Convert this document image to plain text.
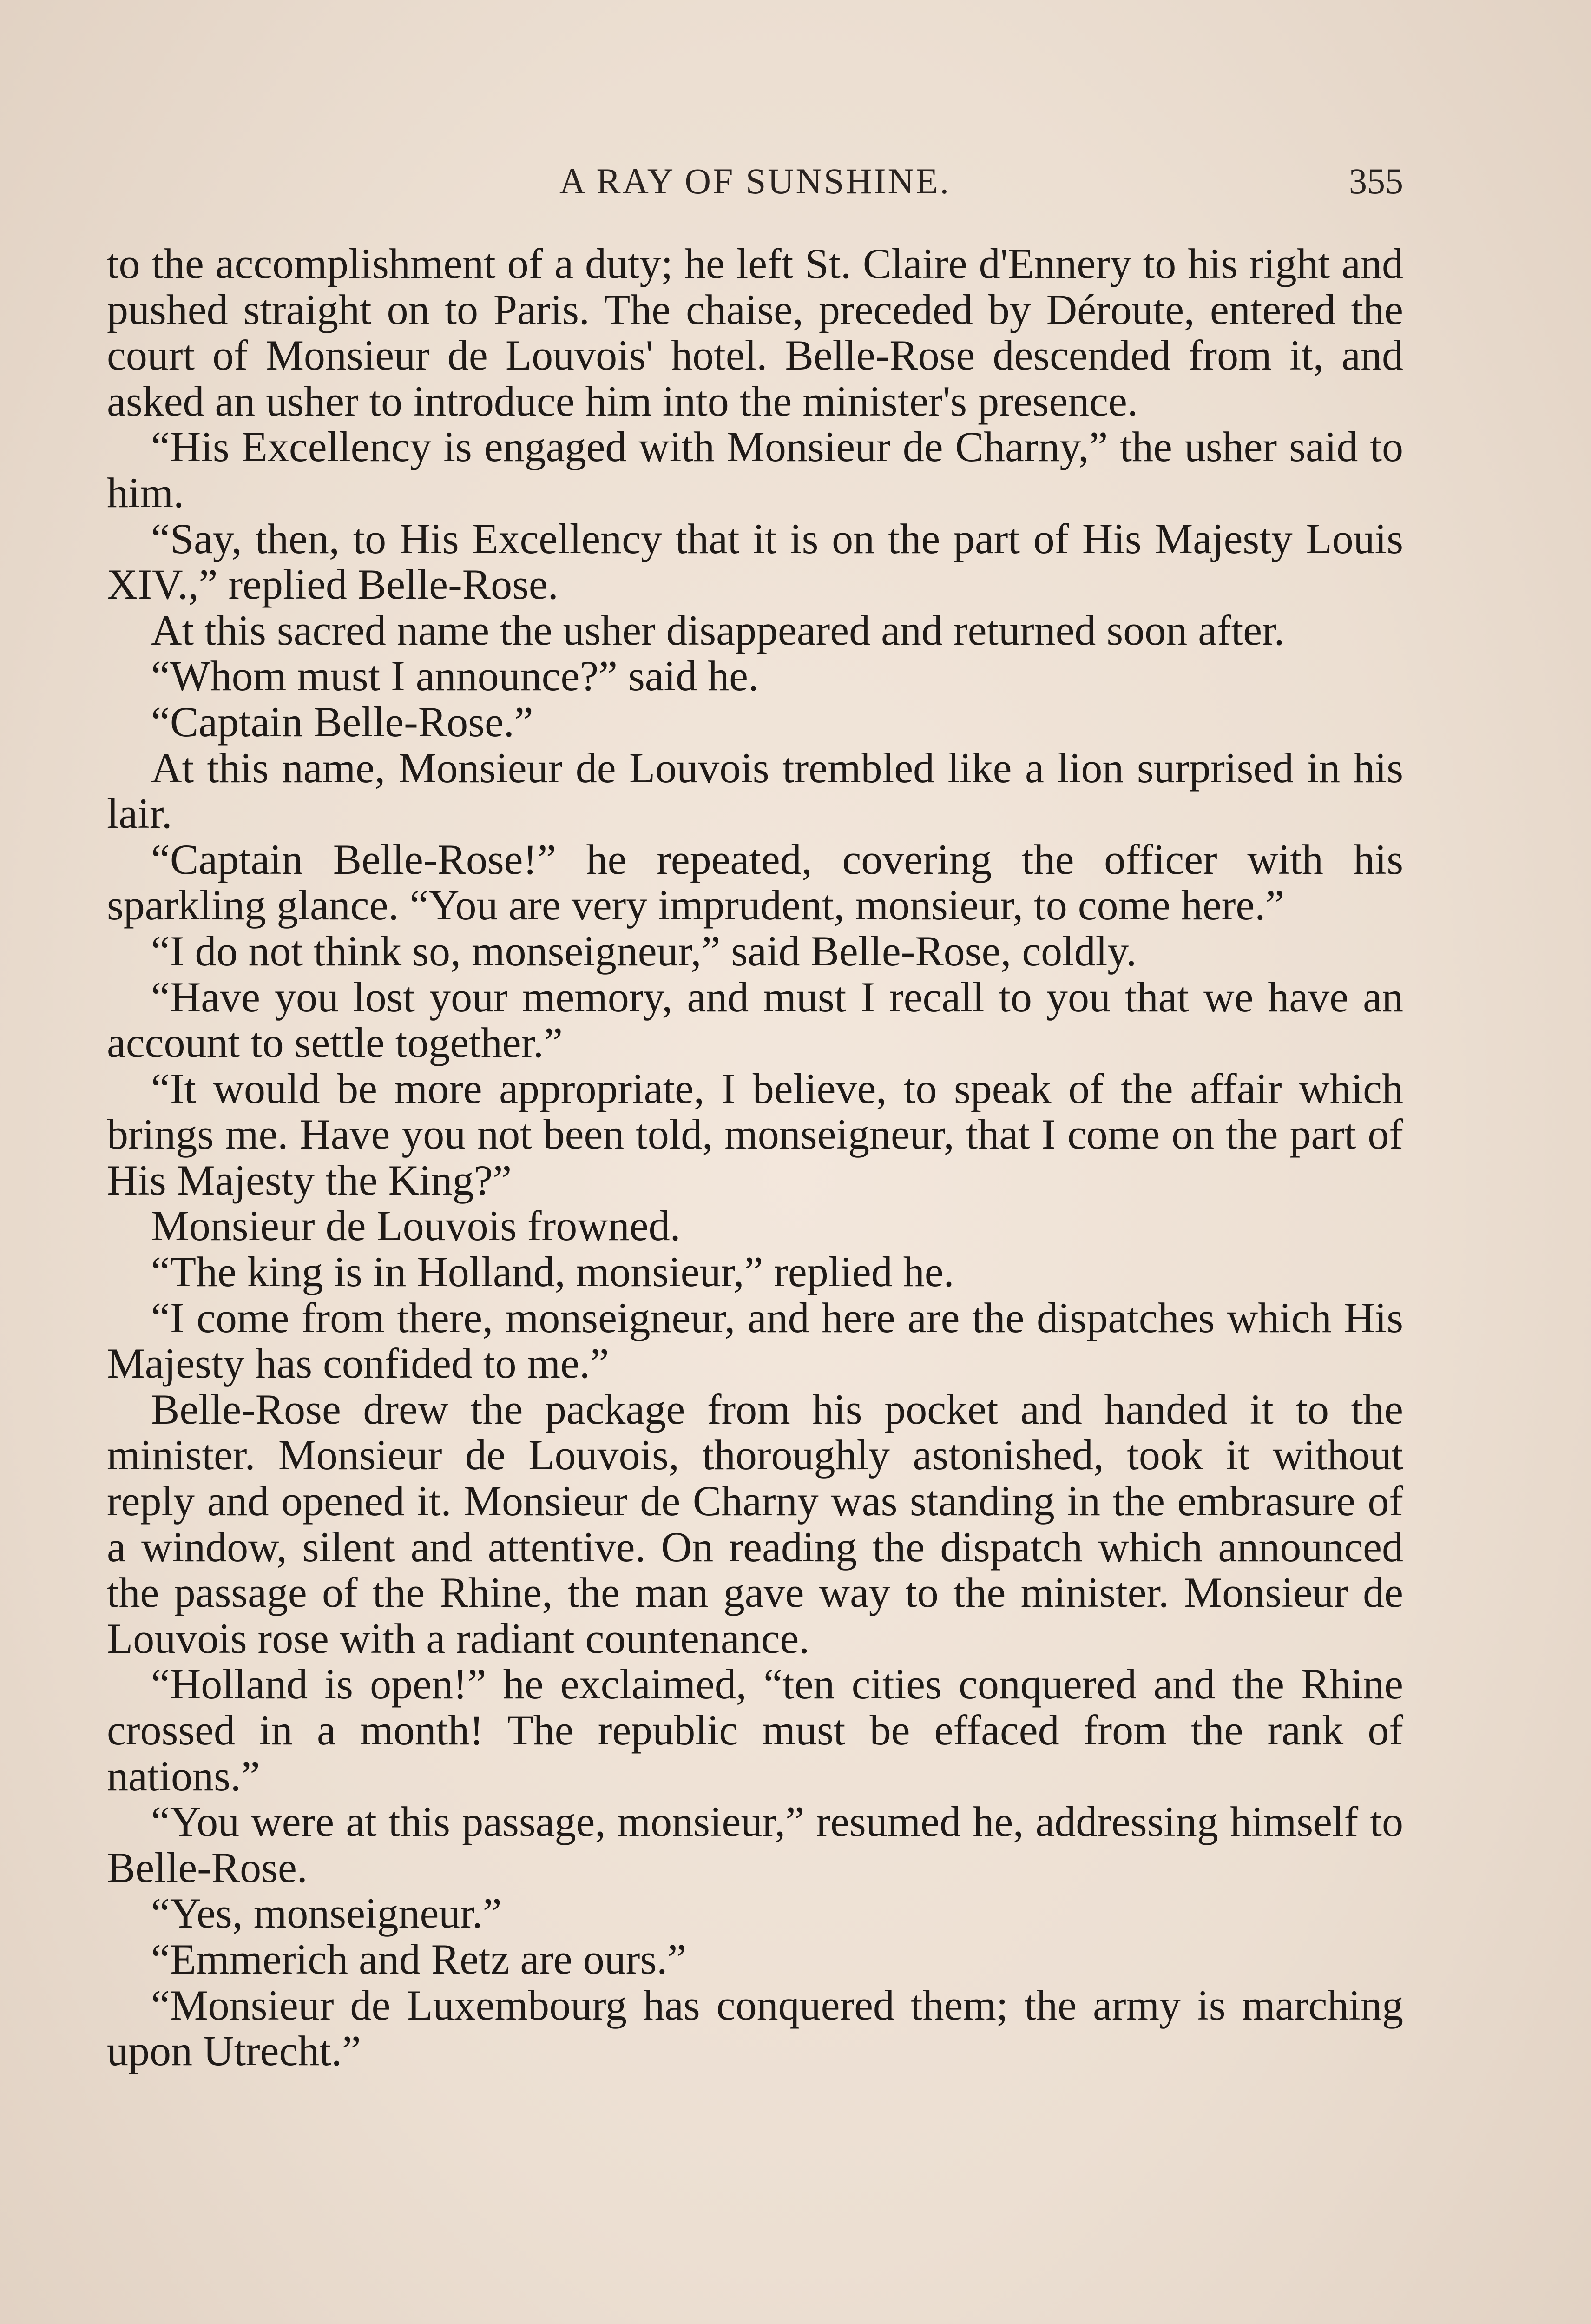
A RAY OF SUNSHINE.	355

to the accomplishment of a duty; he left St. Claire d'Ennery to his right and pushed straight on to Paris. The chaise, preceded by Déroute, entered the court of Monsieur de Louvois' hotel. Belle-Rose descended from it, and asked an usher to introduce him into the minister's presence.

“His Excellency is engaged with Monsieur de Charny,” the usher said to him.

“Say, then, to His Excellency that it is on the part of His Majesty Louis XIV.,” replied Belle-Rose.

At this sacred name the usher disappeared and returned soon after.

“Whom must I announce?” said he.

“Captain Belle-Rose.”

At this name, Monsieur de Louvois trembled like a lion surprised in his lair.

“Captain Belle-Rose!” he repeated, covering the officer with his sparkling glance. “You are very imprudent, monsieur, to come here.”

“I do not think so, monseigneur,” said Belle-Rose, coldly.

“Have you lost your memory, and must I recall to you that we have an account to settle together.”

“It would be more appropriate, I believe, to speak of the affair which brings me. Have you not been told, monseigneur, that I come on the part of His Majesty the King?”

Monsieur de Louvois frowned.

“The king is in Holland, monsieur,” replied he.

“I come from there, monseigneur, and here are the dispatches which His Majesty has confided to me.”

Belle-Rose drew the package from his pocket and handed it to the minister. Monsieur de Louvois, thoroughly astonished, took it without reply and opened it. Monsieur de Charny was standing in the embrasure of a window, silent and attentive. On reading the dispatch which announced the passage of the Rhine, the man gave way to the minister. Monsieur de Louvois rose with a radiant countenance.

“Holland is open!” he exclaimed, “ten cities conquered and the Rhine crossed in a month! The republic must be effaced from the rank of nations.”

“You were at this passage, monsieur,” resumed he, addressing himself to Belle-Rose.

“Yes, monseigneur.”

“Emmerich and Retz are ours.”

“Monsieur de Luxembourg has conquered them; the army is marching upon Utrecht.”
